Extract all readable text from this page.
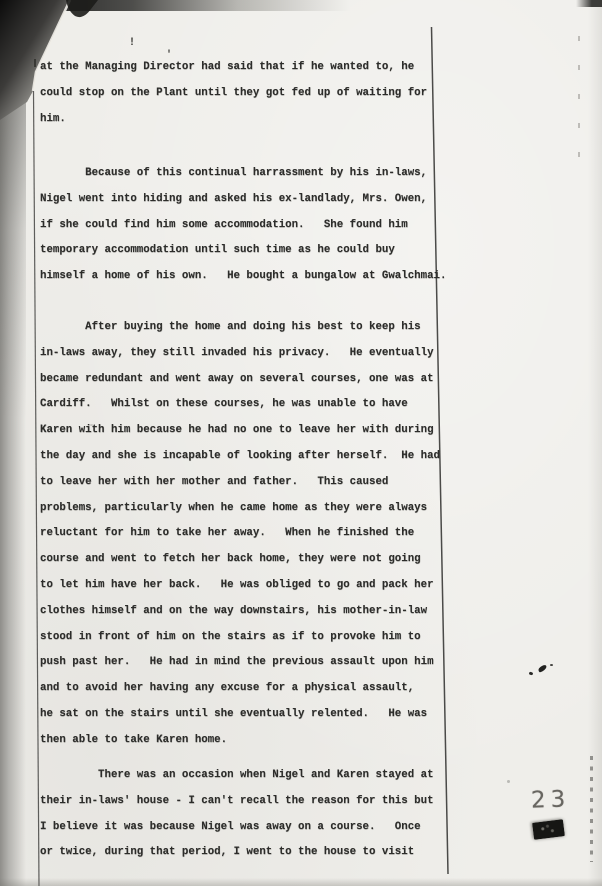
at the Managing Director had said that if he wanted to, he
could stop on the Plant until they got fed up of waiting for
him.
Because of this continual harrassment by his in-laws,
Nigel went into hiding and asked his ex-landlady, Mrs. Owen,
if she could find him some accommodation.   She found him
temporary accommodation until such time as he could buy
himself a home of his own.   He bought a bungalow at Gwalchmai.
After buying the home and doing his best to keep his
in-laws away, they still invaded his privacy.   He eventually
became redundant and went away on several courses, one was at
Cardiff.   Whilst on these courses, he was unable to have
Karen with him because he had no one to leave her with during
the day and she is incapable of looking after herself.  He had
to leave her with her mother and father.   This caused
problems, particularly when he came home as they were always
reluctant for him to take her away.   When he finished the
course and went to fetch her back home, they were not going
to let him have her back.   He was obliged to go and pack her
clothes himself and on the way downstairs, his mother-in-law
stood in front of him on the stairs as if to provoke him to
push past her.   He had in mind the previous assault upon him
and to avoid her having any excuse for a physical assault,
he sat on the stairs until she eventually relented.   He was
then able to take Karen home.
There was an occasion when Nigel and Karen stayed at
their in-laws' house - I can't recall the reason for this but
I believe it was because Nigel was away on a course.   Once
or twice, during that period, I went to the house to visit
!
'
23
